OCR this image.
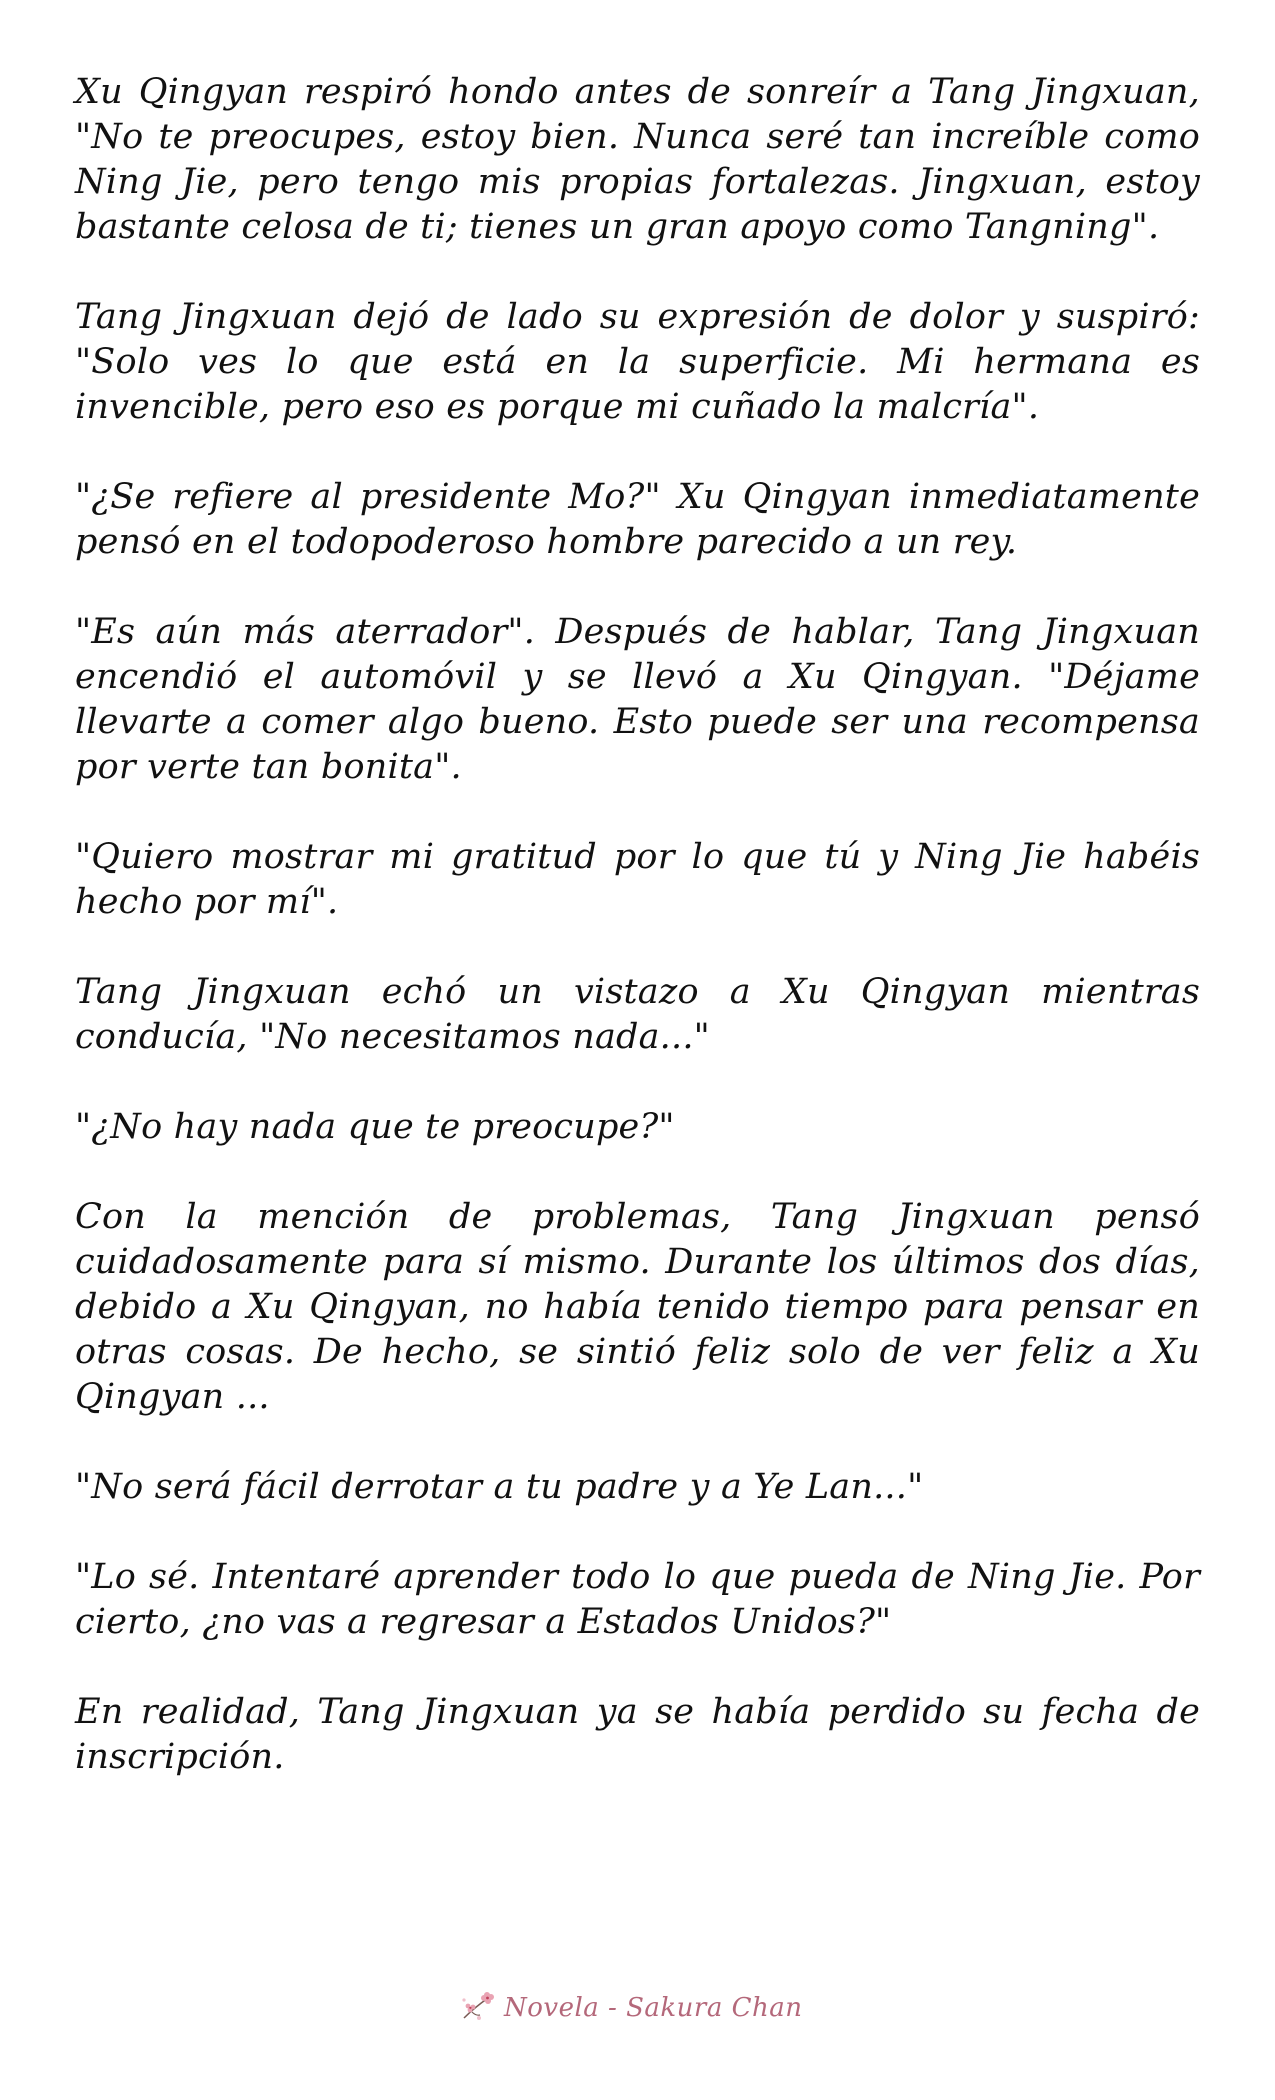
Xu Qingyan respiró hondo antes de sonreír a Tang Jingxuan, "No te preocupes, estoy bien. Nunca seré tan increíble como Ning Jie, pero tengo mis propias fortalezas. Jingxuan, estoy bastante celosa de ti; tienes un gran apoyo como Tangning".

Tang Jingxuan dejó de lado su expresión de dolor y suspiró: "Solo ves lo que está en la superficie. Mi hermana es invencible, pero eso es porque mi cuñado la malcría".

"¿Se refiere al presidente Mo?" Xu Qingyan inmediatamente pensó en el todopoderoso hombre parecido a un rey.

"Es aún más aterrador". Después de hablar, Tang Jingxuan encendió el automóvil y se llevó a Xu Qingyan. "Déjame llevarte a comer algo bueno. Esto puede ser una recompensa por verte tan bonita".

"Quiero mostrar mi gratitud por lo que tú y Ning Jie habéis hecho por mí".

Tang Jingxuan echó un vistazo a Xu Qingyan mientras conducía, "No necesitamos nada..."

"¿No hay nada que te preocupe?"

Con la mención de problemas, Tang Jingxuan pensó cuidadosamente para sí mismo. Durante los últimos dos días, debido a Xu Qingyan, no había tenido tiempo para pensar en otras cosas. De hecho, se sintió feliz solo de ver feliz a Xu Qingyan ...

"No será fácil derrotar a tu padre y a Ye Lan..."

"Lo sé. Intentaré aprender todo lo que pueda de Ning Jie. Por cierto, ¿no vas a regresar a Estados Unidos?"

En realidad, Tang Jingxuan ya se había perdido su fecha de inscripción.

Novela - Sakura Chan
